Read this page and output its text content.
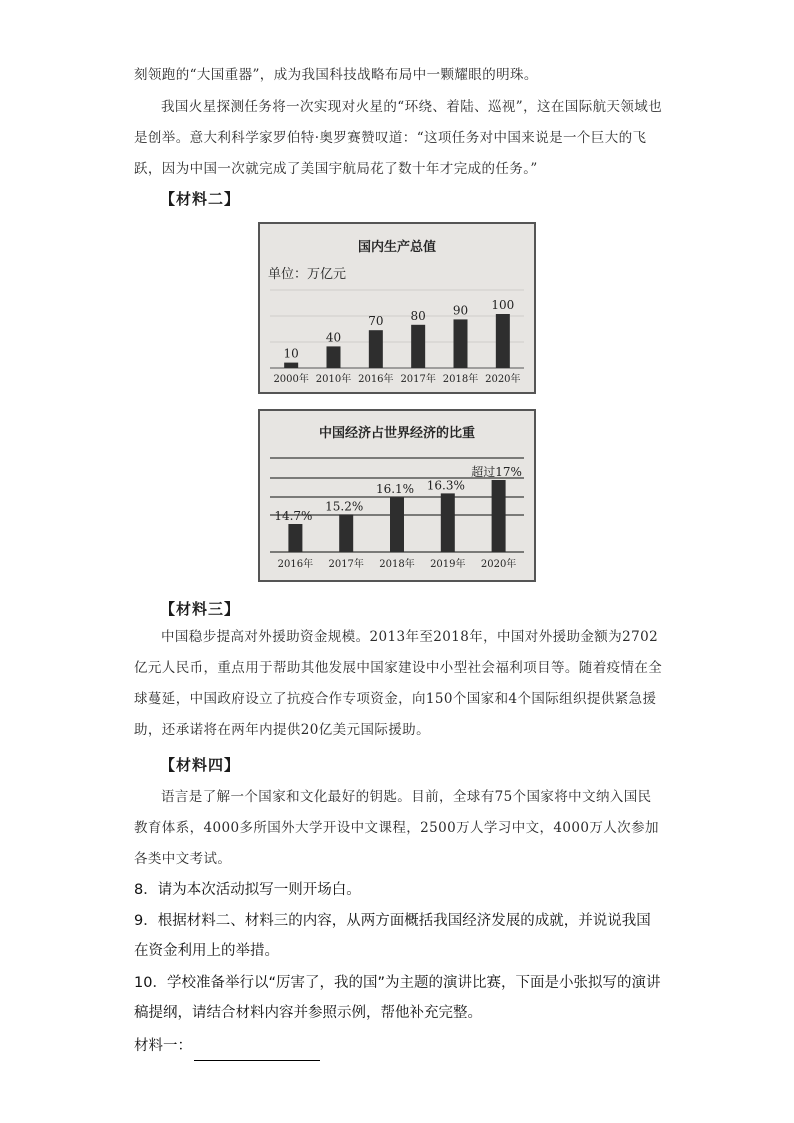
刻领跑的“大国重器”，成为我国科技战略布局中一颗耀眼的明珠。
我国火星探测任务将一次实现对火星的“环绕、着陆、巡视”，这在国际航天领域也是创举。意大利科学家罗伯特·奥罗赛赞叹道：“这项任务对中国来说是一个巨大的飞跃，因为中国一次就完成了美国宇航局花了数十年才完成的任务。”
【材料二】
国内生产总值
单位：万亿元
10
2000年
40
2010年
70
2016年
80
2017年
90
2018年
100
2020年
中国经济占世界经济的比重
14.7%
2016年
15.2%
2017年
16.1%
2018年
16.3%
2019年
超过17%
2020年
【材料三】
中国稳步提高对外援助资金规模。2013年至2018年，中国对外援助金额为2702亿元人民币，重点用于帮助其他发展中国家建设中小型社会福利项目等。随着疫情在全球蔓延，中国政府设立了抗疫合作专项资金，向150个国家和4个国际组织提供紧急援助，还承诺将在两年内提供20亿美元国际援助。
【材料四】
语言是了解一个国家和文化最好的钥匙。目前，全球有75个国家将中文纳入国民教育体系，4000多所国外大学开设中文课程，2500万人学习中文，4000万人次参加各类中文考试。
8．请为本次活动拟写一则开场白。
9．根据材料二、材料三的内容，从两方面概括我国经济发展的成就，并说说我国在资金利用上的举措。
10．学校准备举行以“厉害了，我的国”为主题的演讲比赛，下面是小张拟写的演讲稿提纲，请结合材料内容并参照示例，帮他补充完整。
材料一：
